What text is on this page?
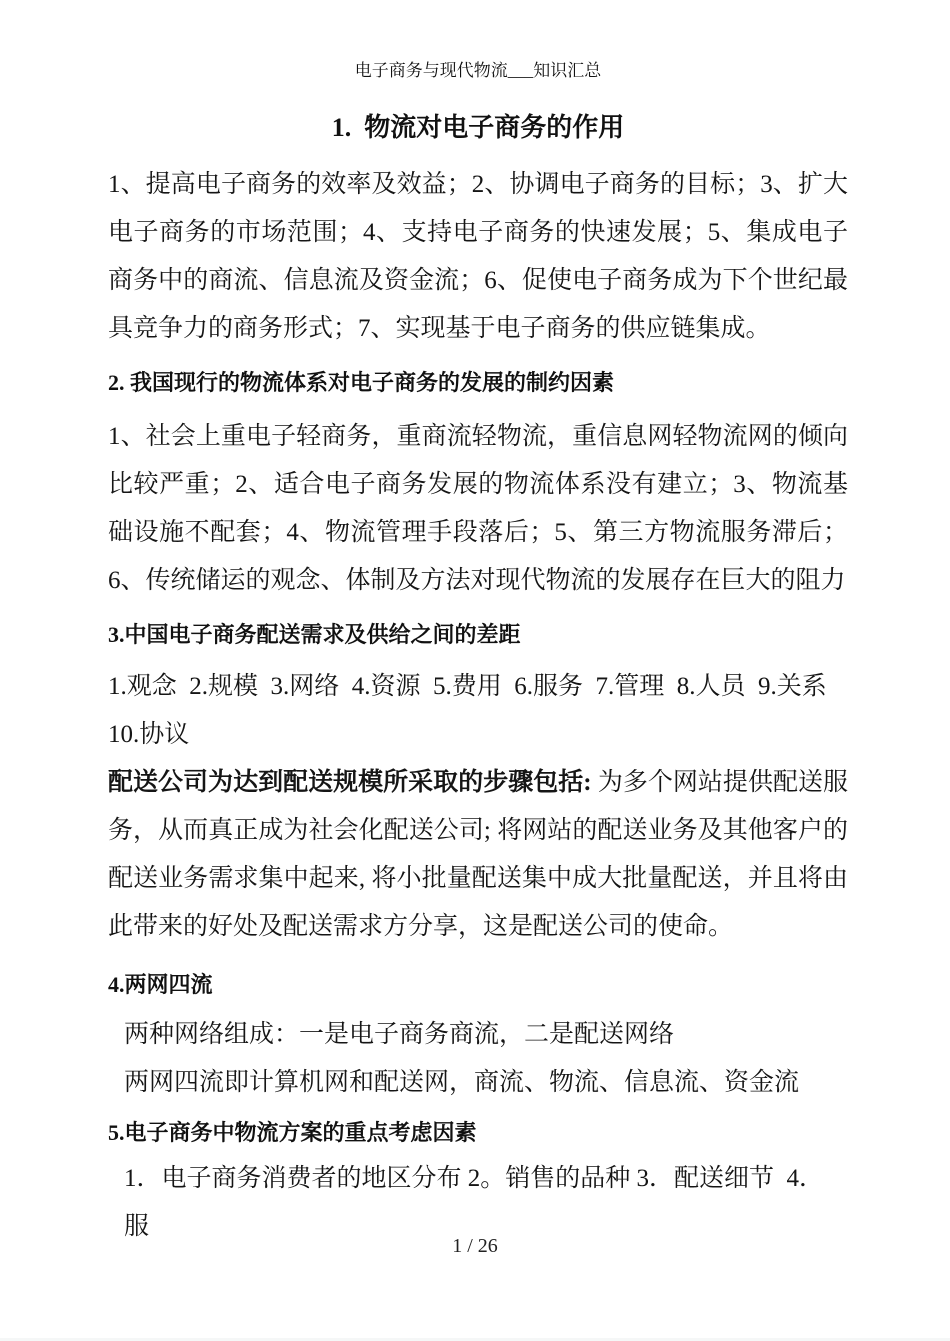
电子商务与现代物流___知识汇总
1.  物流对电子商务的作用

1、提高电子商务的效率及效益；2、协调电子商务的目标；3、扩大电子商务的市场范围；4、支持电子商务的快速发展；5、集成电子商务中的商流、信息流及资金流；6、促使电子商务成为下个世纪最具竞争力的商务形式；7、实现基于电子商务的供应链集成。

2. 我国现行的物流体系对电子商务的发展的制约因素

1、社会上重电子轻商务，重商流轻物流，重信息网轻物流网的倾向比较严重；2、适合电子商务发展的物流体系没有建立；3、物流基础设施不配套；4、物流管理手段落后；5、第三方物流服务滞后；6、传统储运的观念、体制及方法对现代物流的发展存在巨大的阻力

3.中国电子商务配送需求及供给之间的差距

1.观念  2.规模  3.网络  4.资源  5.费用  6.服务  7.管理  8.人员  9.关系  10.协议

配送公司为达到配送规模所采取的步骤包括: 为多个网站提供配送服务，从而真正成为社会化配送公司; 将网站的配送业务及其他客户的配送业务需求集中起来, 将小批量配送集中成大批量配送，并且将由此带来的好处及配送需求方分享，这是配送公司的使命。

4.两网四流

两种网络组成：一是电子商务商流，二是配送网络

两网四流即计算机网和配送网，商流、物流、信息流、资金流

5.电子商务中物流方案的重点考虑因素

1．电子商务消费者的地区分布 2。销售的品种 3．配送细节  4．服

1 / 26
